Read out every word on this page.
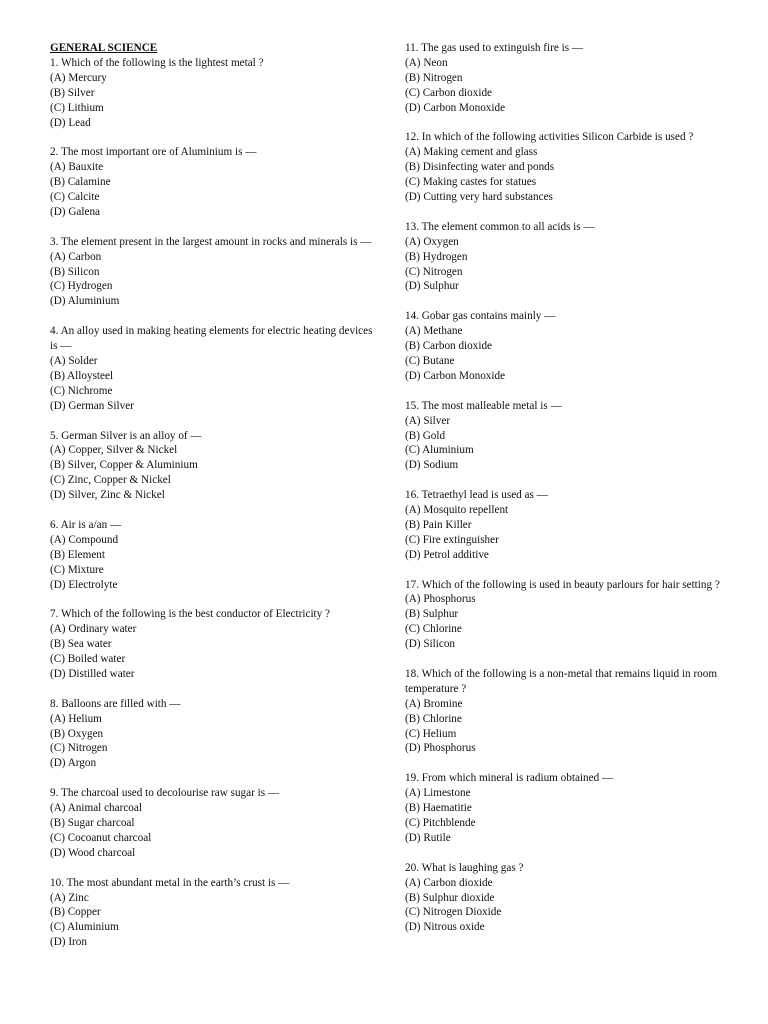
GENERAL SCIENCE
1. Which of the following is the lightest metal ?
(A) Mercury
(B) Silver
(C) Lithium
(D) Lead
2. The most important ore of Aluminium is —
(A) Bauxite
(B) Calamine
(C) Calcite
(D) Galena
3. The element present in the largest amount in rocks and minerals is —
(A) Carbon
(B) Silicon
(C) Hydrogen
(D) Aluminium
4. An alloy used in making heating elements for electric heating devices is —
(A) Solder
(B) Alloysteel
(C) Nichrome
(D) German Silver
5. German Silver is an alloy of —
(A) Copper, Silver & Nickel
(B) Silver, Copper & Aluminium
(C) Zinc, Copper & Nickel
(D) Silver, Zinc & Nickel
6. Air is a/an —
(A) Compound
(B) Element
(C) Mixture
(D) Electrolyte
7. Which of the following is the best conductor of Electricity ?
(A) Ordinary water
(B) Sea water
(C) Boiled water
(D) Distilled water
8. Balloons are filled with —
(A) Helium
(B) Oxygen
(C) Nitrogen
(D) Argon
9. The charcoal used to decolourise raw sugar is —
(A) Animal charcoal
(B) Sugar charcoal
(C) Cocoanut charcoal
(D) Wood charcoal
10. The most abundant metal in the earth’s crust is —
(A) Zinc
(B) Copper
(C) Aluminium
(D) Iron
11. The gas used to extinguish fire is —
(A) Neon
(B) Nitrogen
(C) Carbon dioxide
(D) Carbon Monoxide
12. In which of the following activities Silicon Carbide is used ?
(A) Making cement and glass
(B) Disinfecting water and ponds
(C) Making castes for statues
(D) Cutting very hard substances
13. The element common to all acids is —
(A) Oxygen
(B) Hydrogen
(C) Nitrogen
(D) Sulphur
14. Gobar gas contains mainly —
(A) Methane
(B) Carbon dioxide
(C) Butane
(D) Carbon Monoxide
15. The most malleable metal is —
(A) Silver
(B) Gold
(C) Aluminium
(D) Sodium
16. Tetraethyl lead is used as —
(A) Mosquito repellent
(B) Pain Killer
(C) Fire extinguisher
(D) Petrol additive
17. Which of the following is used in beauty parlours for hair setting ?
(A) Phosphorus
(B) Sulphur
(C) Chlorine
(D) Silicon
18. Which of the following is a non-metal that remains liquid in room temperature ?
(A) Bromine
(B) Chlorine
(C) Helium
(D) Phosphorus
19. From which mineral is radium obtained —
(A) Limestone
(B) Haematitie
(C) Pitchblende
(D) Rutile
20. What is laughing gas ?
(A) Carbon dioxide
(B) Sulphur dioxide
(C) Nitrogen Dioxide
(D) Nitrous oxide
